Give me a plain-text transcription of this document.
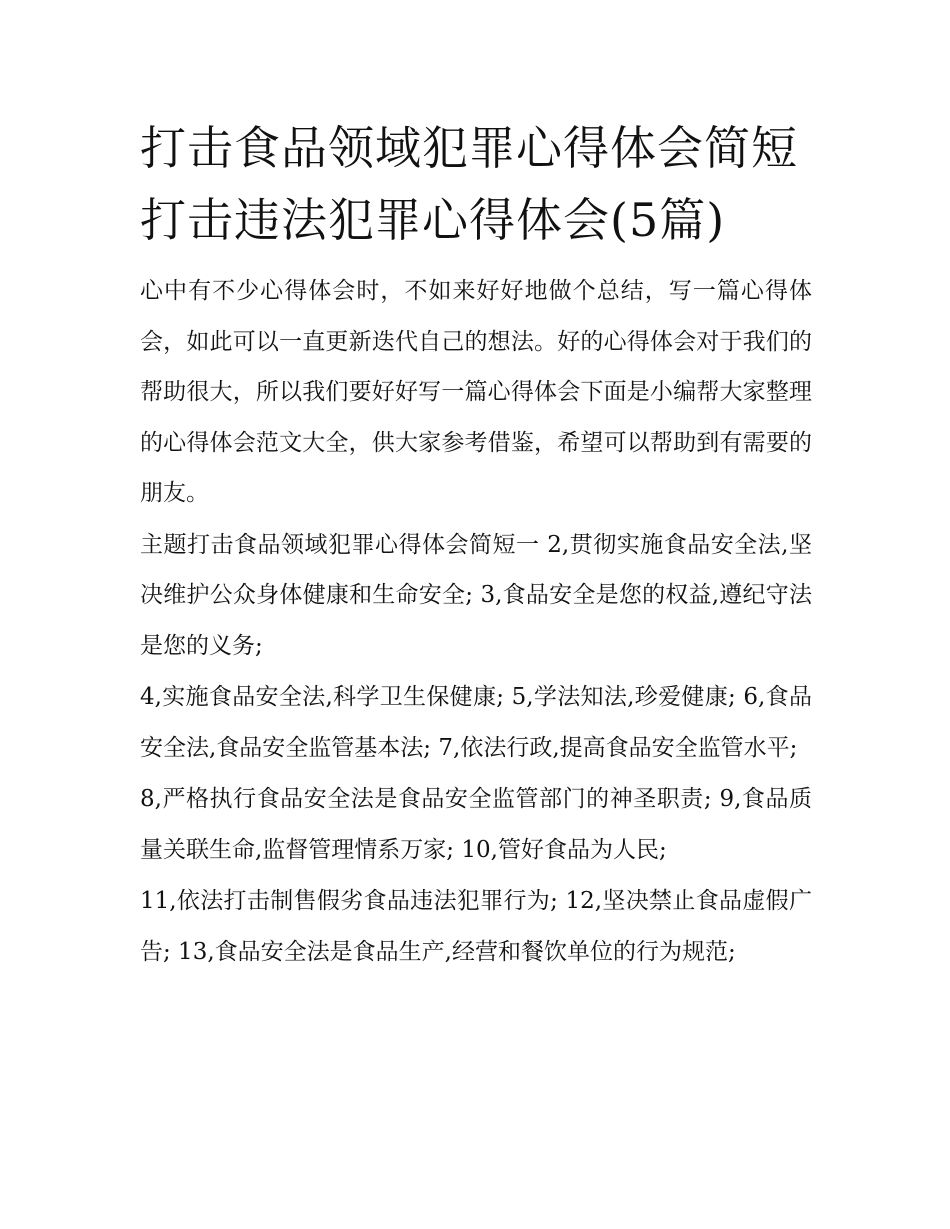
打击食品领域犯罪心得体会简短 打击违法犯罪心得体会(5篇)

心中有不少心得体会时，不如来好好地做个总结，写一篇心得体会，如此可以一直更新迭代自己的想法。好的心得体会对于我们的帮助很大，所以我们要好好写一篇心得体会下面是小编帮大家整理的心得体会范文大全，供大家参考借鉴，希望可以帮助到有需要的朋友。

主题打击食品领域犯罪心得体会简短一 2,贯彻实施食品安全法,坚决维护公众身体健康和生命安全; 3,食品安全是您的权益,遵纪守法是您的义务;

4,实施食品安全法,科学卫生保健康; 5,学法知法,珍爱健康; 6,食品安全法,食品安全监管基本法; 7,依法行政,提高食品安全监管水平;

8,严格执行食品安全法是食品安全监管部门的神圣职责; 9,食品质量关联生命,监督管理情系万家; 10,管好食品为人民;

11,依法打击制售假劣食品违法犯罪行为; 12,坚决禁止食品虚假广告; 13,食品安全法是食品生产,经营和餐饮单位的行为规范;
